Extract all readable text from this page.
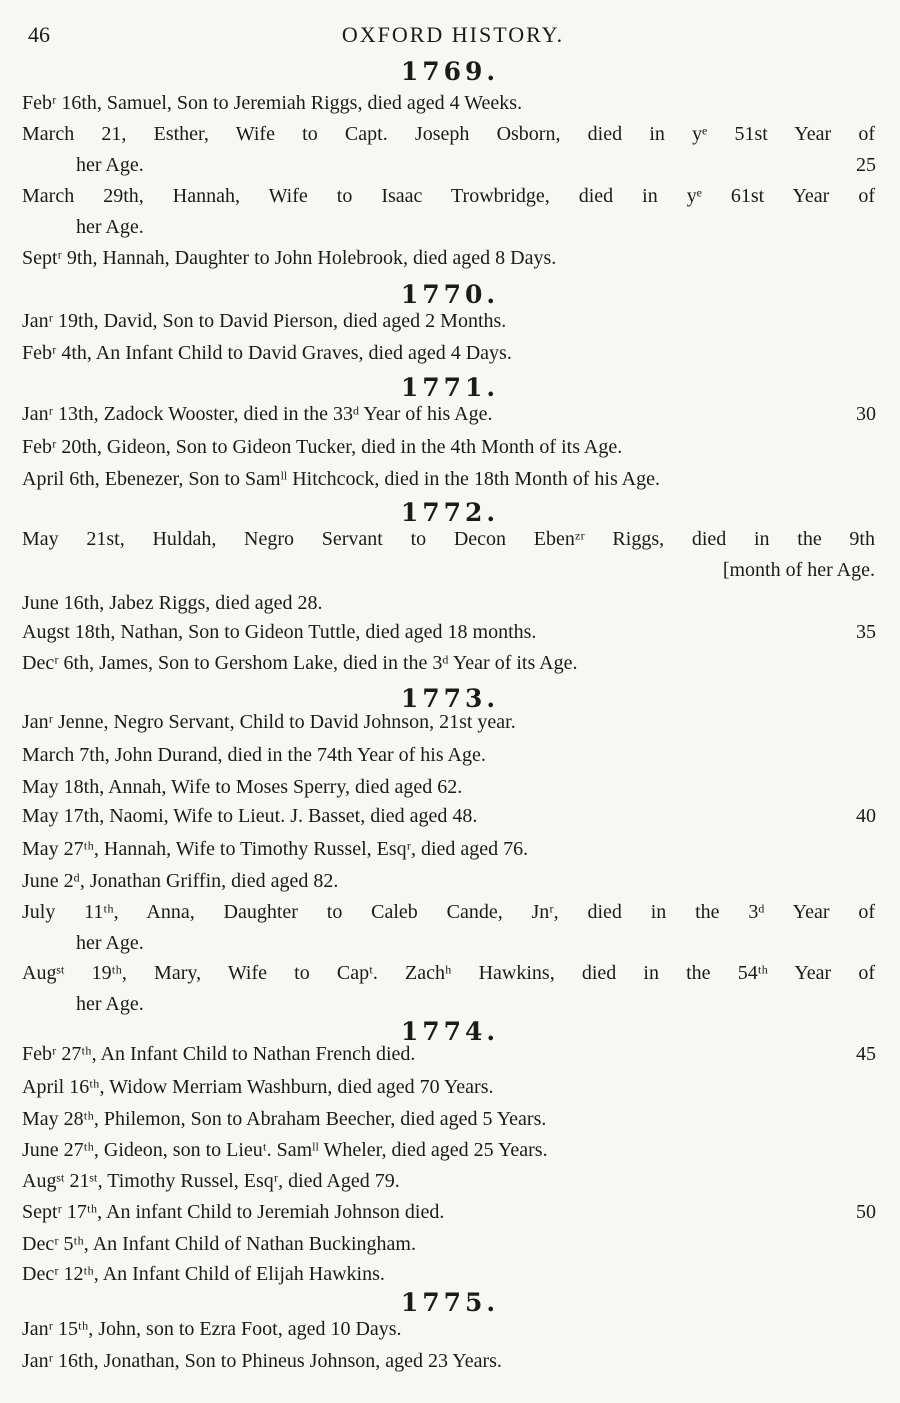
46	OXFORD HISTORY.
1769.
Febʳ 16th, Samuel, Son to Jeremiah Riggs, died aged 4 Weeks.
March 21, Esther, Wife to Capt. Joseph Osborn, died in yᵉ 51st Year of
her Age.	25
March 29th, Hannah, Wife to Isaac Trowbridge, died in yᵉ 61st Year of
her Age.
Septʳ 9th, Hannah, Daughter to John Holebrook, died aged 8 Days.
1770.
Janʳ 19th, David, Son to David Pierson, died aged 2 Months.
Febʳ 4th, An Infant Child to David Graves, died aged 4 Days.
1771.
Janʳ 13th, Zadock Wooster, died in the 33ᵈ Year of his Age.	30
Febʳ 20th, Gideon, Son to Gideon Tucker, died in the 4th Month of its Age.
April 6th, Ebenezer, Son to Samˡˡ Hitchcock, died in the 18th Month of his Age.
1772.
May 21st, Huldah, Negro Servant to Decon Ebenᶻʳ Riggs, died in the 9th
[month of her Age.
June 16th, Jabez Riggs, died aged 28.
Augst 18th, Nathan, Son to Gideon Tuttle, died aged 18 months.	35
Decʳ 6th, James, Son to Gershom Lake, died in the 3ᵈ Year of its Age.
1773.
Janʳ Jenne, Negro Servant, Child to David Johnson, 21st year.
March 7th, John Durand, died in the 74th Year of his Age.
May 18th, Annah, Wife to Moses Sperry, died aged 62.
May 17th, Naomi, Wife to Lieut. J. Basset, died aged 48.	40
May 27ᵗʰ, Hannah, Wife to Timothy Russel, Esqʳ, died aged 76.
June 2ᵈ, Jonathan Griffin, died aged 82.
July 11ᵗʰ, Anna, Daughter to Caleb Cande, Jnʳ, died in the 3ᵈ Year of
her Age.
Augˢᵗ 19ᵗʰ, Mary, Wife to Capᵗ. Zachʰ Hawkins, died in the 54ᵗʰ Year of
her Age.
1774.
Febʳ 27ᵗʰ, An Infant Child to Nathan French died.	45
April 16ᵗʰ, Widow Merriam Washburn, died aged 70 Years.
May 28ᵗʰ, Philemon, Son to Abraham Beecher, died aged 5 Years.
June 27ᵗʰ, Gideon, son to Lieuᵗ. Samˡˡ Wheler, died aged 25 Years.
Augˢᵗ 21ˢᵗ, Timothy Russel, Esqʳ, died Aged 79.
Septʳ 17ᵗʰ, An infant Child to Jeremiah Johnson died.	50
Decʳ 5ᵗʰ, An Infant Child of Nathan Buckingham.
Decʳ 12ᵗʰ, An Infant Child of Elijah Hawkins.
1775.
Janʳ 15ᵗʰ, John, son to Ezra Foot, aged 10 Days.
Janʳ 16th, Jonathan, Son to Phineus Johnson, aged 23 Years.
